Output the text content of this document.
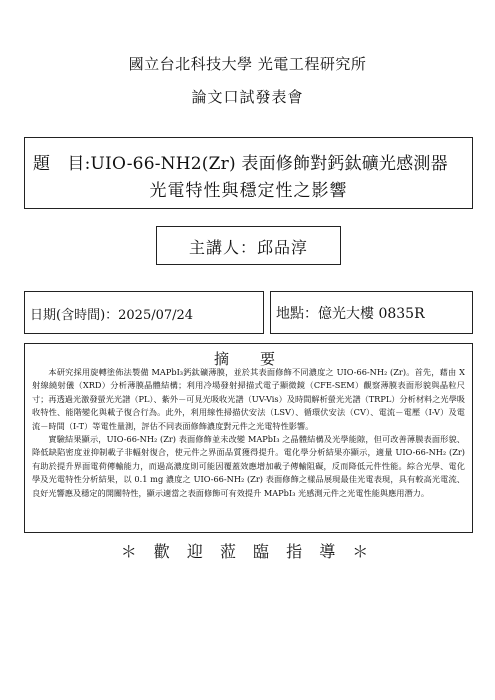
國立台北科技大學 光電工程研究所
論文口試發表會
題　目:UIO-66-NH2(Zr) 表面修飾對鈣鈦礦光感測器
光電特性與穩定性之影響
主講人：邱品淳
日期(含時間)：2025/07/24	地點：億光大樓 0835R
摘　要

本研究採用旋轉塗佈法製備 MAPbI₃鈣鈦礦薄膜，並於其表面修飾不同濃度之 UIO-66-NH₂ (Zr)。首先，藉由 X 射線繞射儀（XRD）分析薄膜晶體結構；利用冷場發射掃描式電子顯微鏡（CFE-SEM）觀察薄膜表面形貌與晶粒尺寸；再透過光激發螢光光譜（PL）、紫外－可見光吸收光譜（UV-Vis）及時間解析螢光光譜（TRPL）分析材料之光學吸收特性、能階變化與載子復合行為。此外，利用線性掃描伏安法（LSV）、循環伏安法（CV）、電流－電壓（I-V）及電流－時間（I-T）等電性量測，評估不同表面修飾濃度對元件之光電特性影響。

實驗結果顯示，UIO-66-NH₂ (Zr) 表面修飾並未改變 MAPbI₃ 之晶體結構及光學能隙，但可改善薄膜表面形貌、降低缺陷密度並抑制載子非輻射復合，使元件之界面品質獲得提升。電化學分析結果亦顯示，適量 UIO-66-NH₂ (Zr) 有助於提升界面電荷傳輸能力，而過高濃度則可能因覆蓋效應增加載子傳輸阻礙，反而降低元件性能。綜合光學、電化學及光電特性分析結果，以 0.1 mg 濃度之 UIO-66-NH₂ (Zr) 表面修飾之樣品展現最佳光電表現，具有較高光電流、良好光響應及穩定的開關特性，顯示適當之表面修飾可有效提升 MAPbI₃ 光感測元件之光電性能與應用潛力。

＊ 歡 迎 蒞 臨 指 導 ＊
